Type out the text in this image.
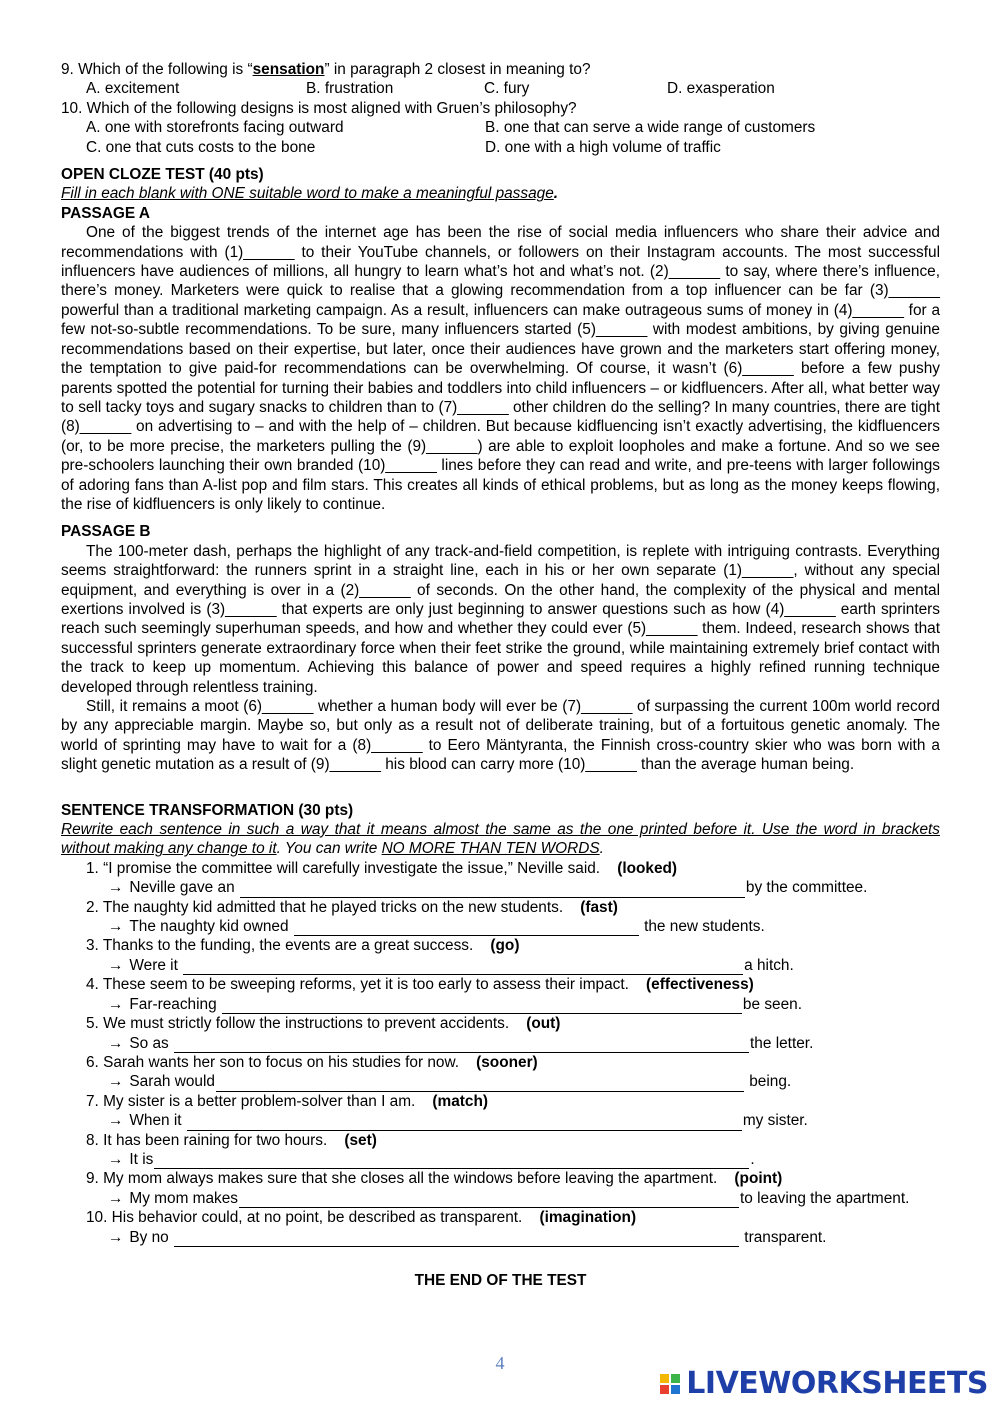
9. Which of the following is “sensation” in paragraph 2 closest in meaning to?

A. excitement	B. frustration	C. fury	D. exasperation

10. Which of the following designs is most aligned with Gruen’s philosophy?

A. one with storefronts facing outward	B. one that can serve a wide range of customers
C. one that cuts costs to the bone	D. one with a high volume of traffic

OPEN CLOZE TEST (40 pts)

Fill in each blank with ONE suitable word to make a meaningful passage.

PASSAGE A

One of the biggest trends of the internet age has been the rise of social media influencers who share their advice and recommendations with (1)______ to their YouTube channels, or followers on their Instagram accounts. The most successful influencers have audiences of millions, all hungry to learn what’s hot and what’s not. (2)______ to say, where there’s influence, there’s money. Marketers were quick to realise that a glowing recommendation from a top influencer can be far (3)______ powerful than a traditional marketing campaign. As a result, influencers can make outrageous sums of money in (4)______ for a few not-so-subtle recommendations. To be sure, many influencers started (5)______ with modest ambitions, by giving genuine recommendations based on their expertise, but later, once their audiences have grown and the marketers start offering money, the temptation to give paid-for recommendations can be overwhelming. Of course, it wasn’t (6)______ before a few pushy parents spotted the potential for turning their babies and toddlers into child influencers – or kidfluencers. After all, what better way to sell tacky toys and sugary snacks to children than to (7)______ other children do the selling? In many countries, there are tight (8)______ on advertising to – and with the help of – children. But because kidfluencing isn’t exactly advertising, the kidfluencers (or, to be more precise, the marketers pulling the (9)______) are able to exploit loopholes and make a fortune. And so we see pre-schoolers launching their own branded (10)______ lines before they can read and write, and pre-teens with larger followings of adoring fans than A-list pop and film stars. This creates all kinds of ethical problems, but as long as the money keeps flowing, the rise of kidfluencers is only likely to continue.

PASSAGE B

The 100-meter dash, perhaps the highlight of any track-and-field competition, is replete with intriguing contrasts. Everything seems straightforward: the runners sprint in a straight line, each in his or her own separate (1)______, without any special equipment, and everything is over in a (2)______ of seconds. On the other hand, the complexity of the physical and mental exertions involved is (3)______ that experts are only just beginning to answer questions such as how (4)______ earth sprinters reach such seemingly superhuman speeds, and how and whether they could ever (5)______ them. Indeed, research shows that successful sprinters generate extraordinary force when their feet strike the ground, while maintaining extremely brief contact with the track to keep up momentum. Achieving this balance of power and speed requires a highly refined running technique developed through relentless training.

Still, it remains a moot (6)______ whether a human body will ever be (7)______ of surpassing the current 100m world record by any appreciable margin. Maybe so, but only as a result not of deliberate training, but of a fortuitous genetic anomaly. The world of sprinting may have to wait for a (8)______ to Eero Mäntyranta, the Finnish cross-country skier who was born with a slight genetic mutation as a result of (9)______ his blood can carry more (10)______ than the average human being.

SENTENCE TRANSFORMATION (30 pts)

Rewrite each sentence in such a way that it means almost the same as the one printed before it. Use the word in brackets without making any change to it. You can write NO MORE THAN TEN WORDS.

1. “I promise the committee will carefully investigate the issue,” Neville said. (looked)

→ Neville gave an	by the committee.

2. The naughty kid admitted that he played tricks on the new students. (fast)

→ The naughty kid owned	the new students.

3. Thanks to the funding, the events are a great success. (go)

→ Were it	a hitch.

4. These seem to be sweeping reforms, yet it is too early to assess their impact. (effectiveness)

→ Far-reaching	be seen.

5. We must strictly follow the instructions to prevent accidents. (out)

→ So as	the letter.

6. Sarah wants her son to focus on his studies for now. (sooner)

→ Sarah would	being.

7. My sister is a better problem-solver than I am. (match)

→ When it	my sister.

8. It has been raining for two hours. (set)

→ It is	.

9. My mom always makes sure that she closes all the windows before leaving the apartment. (point)

→ My mom makes	to leaving the apartment.

10. His behavior could, at no point, be described as transparent. (imagination)

→ By no	transparent.

THE END OF THE TEST

4
LIVEWORKSHEETS
